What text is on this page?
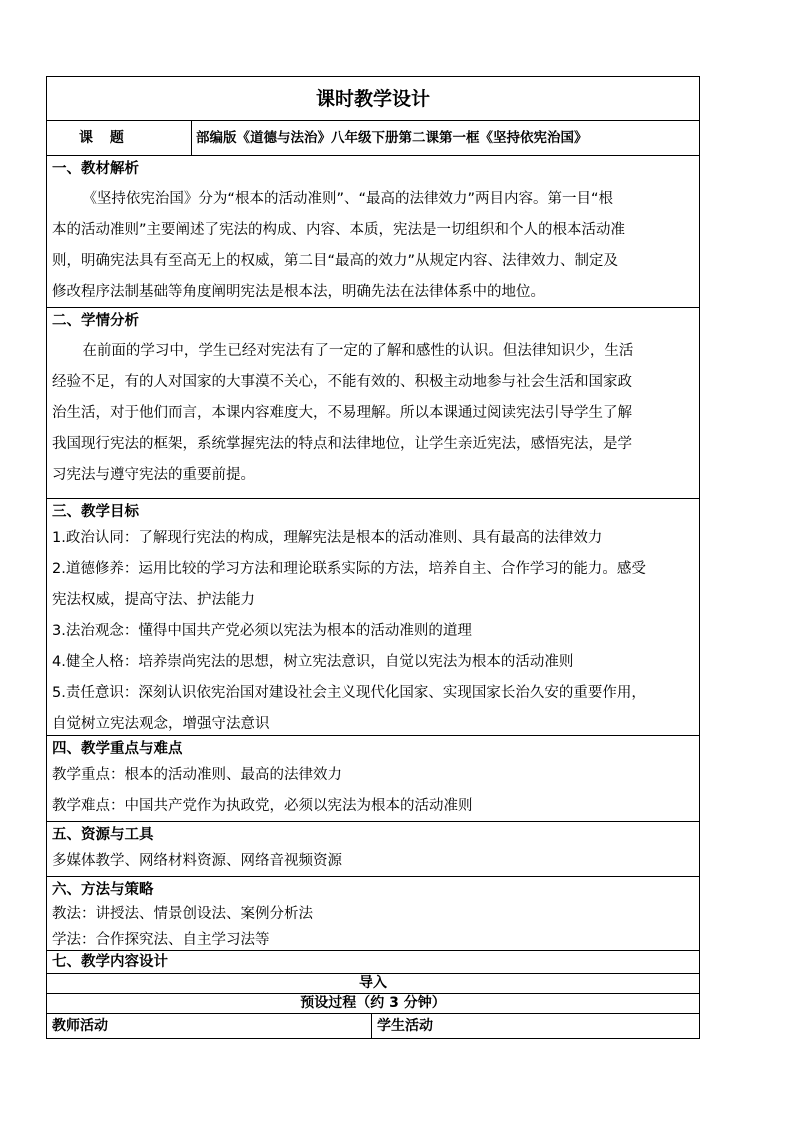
课时教学设计
课 题	部编版《道德与法治》八年级下册第二课第一框《坚持依宪治国》
一、教材解析
《坚持依宪治国》分为“根本的活动准则”、“最高的法律效力”两目内容。第一目“根
本的活动准则”主要阐述了宪法的构成、内容、本质，宪法是一切组织和个人的根本活动准
则，明确宪法具有至高无上的权威，第二目“最高的效力”从规定内容、法律效力、制定及
修改程序法制基础等角度阐明宪法是根本法，明确先法在法律体系中的地位。
二、学情分析
在前面的学习中，学生已经对宪法有了一定的了解和感性的认识。但法律知识少，生活
经验不足，有的人对国家的大事漠不关心，不能有效的、积极主动地参与社会生活和国家政
治生活，对于他们而言，本课内容难度大，不易理解。所以本课通过阅读宪法引导学生了解
我国现行宪法的框架，系统掌握宪法的特点和法律地位，让学生亲近宪法，感悟宪法，是学
习宪法与遵守宪法的重要前提。
三、教学目标
1.政治认同：了解现行宪法的构成，理解宪法是根本的活动准则、具有最高的法律效力
2.道德修养：运用比较的学习方法和理论联系实际的方法，培养自主、合作学习的能力。感受
宪法权威，提高守法、护法能力
3.法治观念：懂得中国共产党必须以宪法为根本的活动准则的道理
4.健全人格：培养崇尚宪法的思想，树立宪法意识，自觉以宪法为根本的活动准则
5.责任意识：深刻认识依宪治国对建设社会主义现代化国家、实现国家长治久安的重要作用，
自觉树立宪法观念，增强守法意识
四、教学重点与难点
教学重点：根本的活动准则、最高的法律效力
教学难点：中国共产党作为执政党，必须以宪法为根本的活动准则
五、资源与工具
多媒体教学、网络材料资源、网络音视频资源
六、方法与策略
教法：讲授法、情景创设法、案例分析法
学法：合作探究法、自主学习法等
七、教学内容设计
导入
预设过程（约 3 分钟）
教师活动	学生活动
